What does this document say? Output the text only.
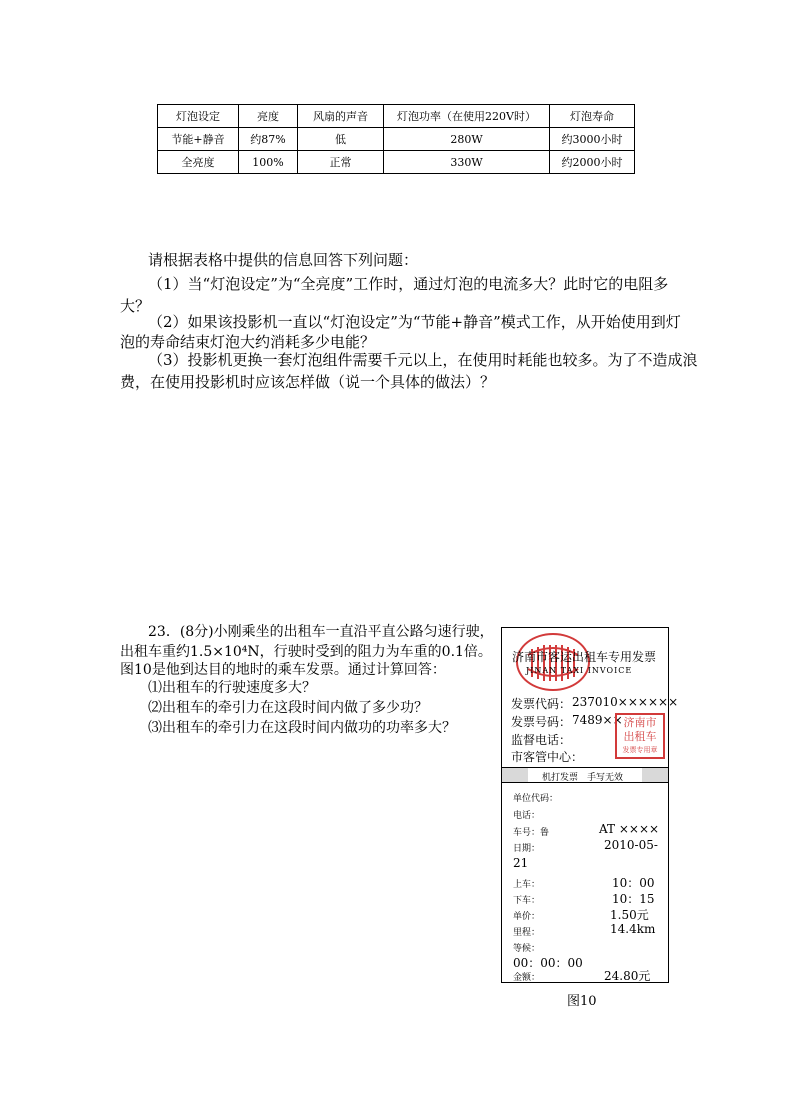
灯泡设定	亮度	风扇的声音	灯泡功率（在使用220V时）	灯泡寿命
节能+静音	约87%	低	280W	约3000小时
全亮度	100%	正常	330W	约2000小时
请根据表格中提供的信息回答下列问题：
（1）当“灯泡设定”为“全亮度”工作时，通过灯泡的电流多大？此时它的电阻多
大？
（2）如果该投影机一直以“灯泡设定”为“节能+静音”模式工作，从开始使用到灯
泡的寿命结束灯泡大约消耗多少电能？
（3）投影机更换一套灯泡组件需要千元以上，在使用时耗能也较多。为了不造成浪
费，在使用投影机时应该怎样做（说一个具体的做法）？
23．(8分)小刚乘坐的出租车一直沿平直公路匀速行驶，
出租车重约1.5×10⁴N，行驶时受到的阻力为车重的0.1倍。
图10是他到达目的地时的乘车发票。通过计算回答：
⑴出租车的行驶速度多大？
⑵出租车的牵引力在这段时间内做了多少功？
⑶出租车的牵引力在这段时间内做功的功率多大？
济南市客运出租车专用发票
JINAN TAXI INVOICE
发票代码： 237010××××××
发票号码： 7489××
监督电话：
市客管中心：
济南市
出租车
发票专用章
机打发票　手写无效
单位代码：
电话：
车号：鲁	AT ××××
日期：	2010-05-
21
上车：	10：00
下车：	10：15
单价：	1.50元
里程：	14.4km
等候：
00：00：00
金额：	24.80元
图10
